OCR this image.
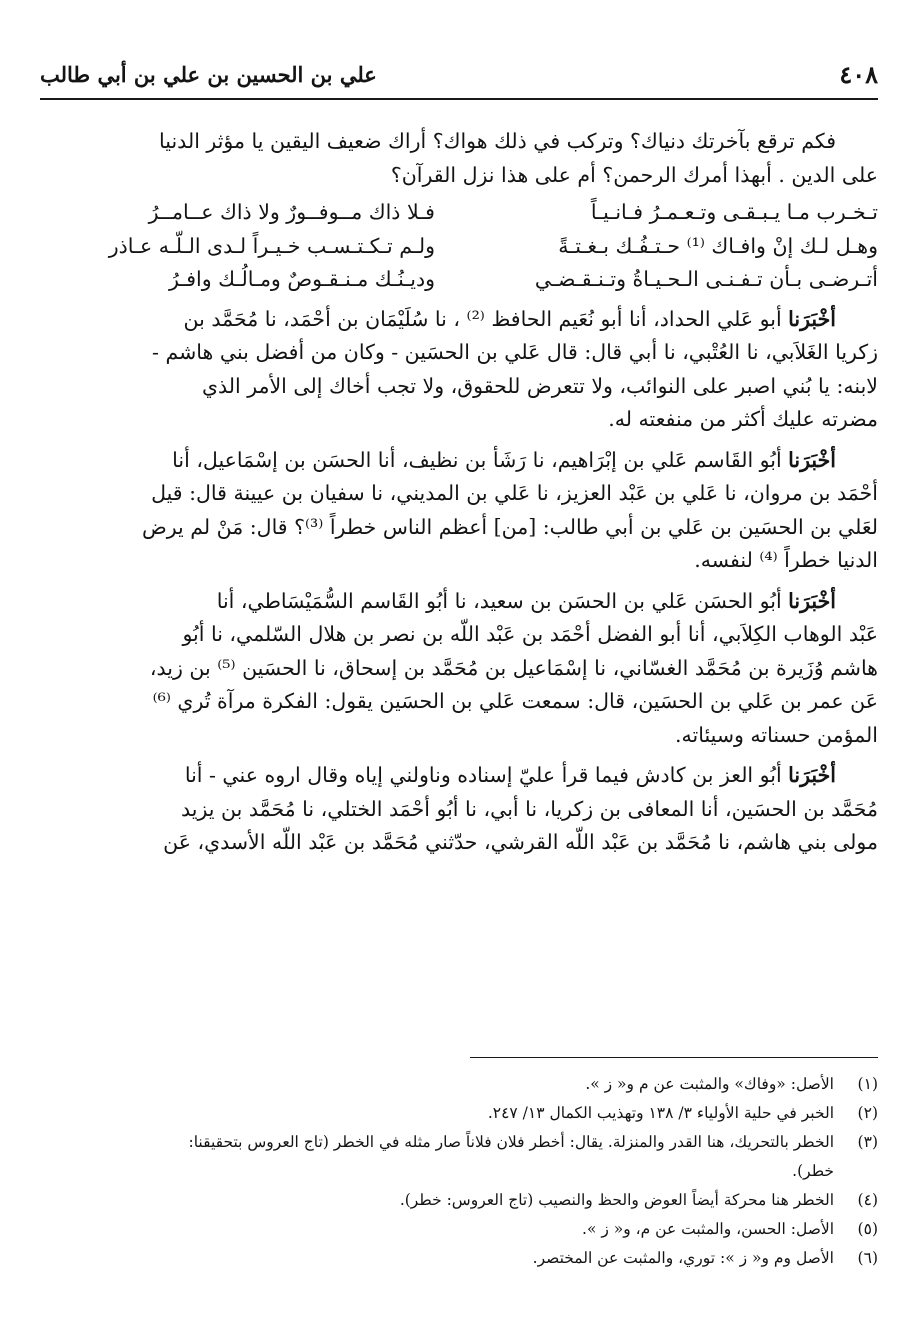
٤٠٨
علي بن الحسين بن علي بن أبي طالب

فكم ترقع بآخرتك دنياك؟ وتركب في ذلك هواك؟ أراك ضعيف اليقين يا مؤثر الدنيا

على الدين . أبهذا أمرك الرحمن؟ أم على هذا نزل القرآن؟

تـخـرب مـا يـبـقـى وتـعـمـرُ فـانـيـاً
فـلا ذاك مــوفــورٌ ولا ذاك عــامــرُ
وهـل لـك إنْ وافـاك ⁽¹⁾ حـتـفُـك بـغـتـةً
ولـم تـكـتـسـب خـيـراً لـدى الـلّـه عـاذر
أتـرضـى بـأن تـفـنـى الـحـيـاةُ وتـنـقـضـي
وديـنُـك مـنـقـوصٌ ومـالُـك وافـرُ

أخْبَرَنا أبو عَلي الحداد، أنا أبو نُعَيم الحافظ ⁽²⁾ ، نا سُلَيْمَان بن أحْمَد، نا مُحَمَّد بن

زكريا الغَلاَبي، نا العُتْبي، نا أبي قال: قال عَلي بن الحسَين - وكان من أفضل بني هاشم -

لابنه: يا بُني اصبر على النوائب، ولا تتعرض للحقوق، ولا تجب أخاك إلى الأمر الذي

مضرته عليك أكثر من منفعته له.

أخْبَرَنا أبُو القَاسم عَلي بن إبْرَاهيم، نا رَشَأ بن نظيف، أنا الحسَن بن إسْمَاعيل، أنا

أحْمَد بن مروان، نا عَلي بن عَبْد العزيز، نا عَلي بن المديني، نا سفيان بن عيينة قال: قيل

لعَلي بن الحسَين بن عَلي بن أبي طالب: [من] أعظم الناس خطراً ⁽³⁾؟ قال: مَنْ لم يرض

الدنيا خطراً ⁽⁴⁾ لنفسه.

أخْبَرَنا أبُو الحسَن عَلي بن الحسَن بن سعيد، نا أبُو القَاسم السُّمَيْسَاطي، أنا

عَبْد الوهاب الكِلاَبي، أنا أبو الفضل أحْمَد بن عَبْد اللّه بن نصر بن هلال السّلمي، نا أبُو

هاشم وُزَيرة بن مُحَمَّد الغسّاني، نا إسْمَاعيل بن مُحَمَّد بن إسحاق، نا الحسَين ⁽⁵⁾ بن زيد،

عَن عمر بن عَلي بن الحسَين، قال: سمعت عَلي بن الحسَين يقول: الفكرة مرآة تُري ⁽⁶⁾

المؤمن حسناته وسيئاته.

أخْبَرَنا أبُو العز بن كادش فيما قرأ عليّ إسناده وناولني إياه وقال اروه عني - أنا

مُحَمَّد بن الحسَين، أنا المعافى بن زكريا، نا أبي، نا أبُو أحْمَد الختلي، نا مُحَمَّد بن يزيد

مولى بني هاشم، نا مُحَمَّد بن عَبْد اللّه القرشي، حدّثني مُحَمَّد بن عَبْد اللّه الأسدي، عَن

(١)
الأصل: «وفاك» والمثبت عن م و« ز ».
(٢)
الخبر في حلية الأولياء ٣/ ١٣٨ وتهذيب الكمال ١٣/ ٢٤٧.
(٣)
الخطر بالتحريك، هنا القدر والمنزلة. يقال: أخطر فلان فلاناً صار مثله في الخطر (تاج العروس بتحقيقنا:
خطر).
(٤)
الخطر هنا محركة أيضاً العوض والحظ والنصيب (تاج العروس: خطر).
(٥)
الأصل: الحسن، والمثبت عن م، و« ز ».
(٦)
الأصل وم و« ز »: توري، والمثبت عن المختصر.
